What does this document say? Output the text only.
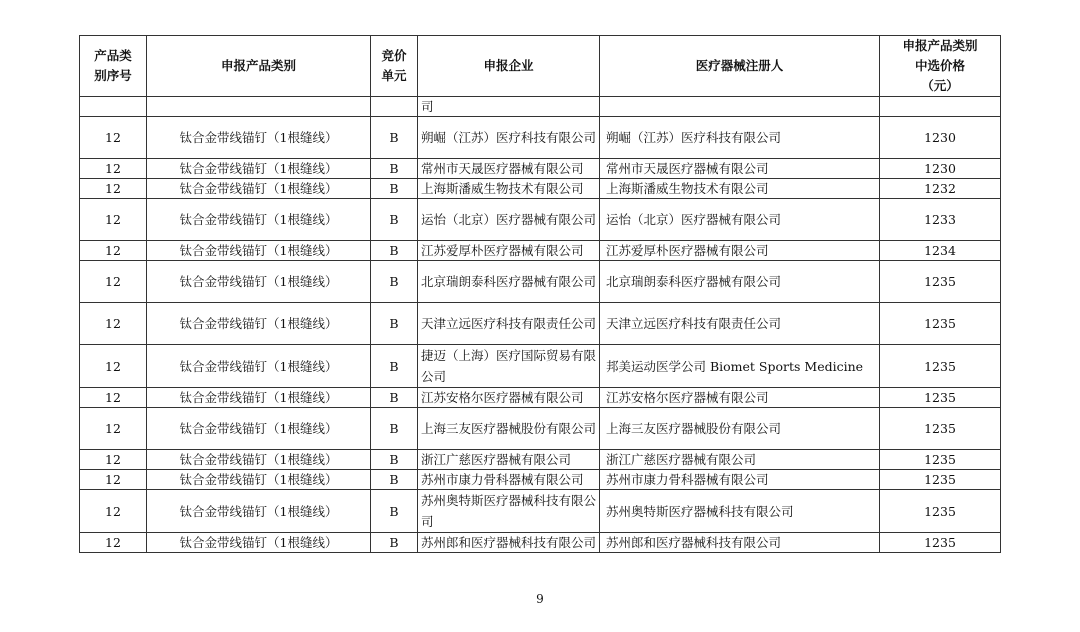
产品类别序号	申报产品类别	竞价单元	申报企业	医疗器械注册人	申报产品类别中选价格（元）

			司		
12	钛合金带线锚钉（1根缝线）	B	朔崛（江苏）医疗科技有限公司	朔崛（江苏）医疗科技有限公司	1230
12	钛合金带线锚钉（1根缝线）	B	常州市天晟医疗器械有限公司	常州市天晟医疗器械有限公司	1230
12	钛合金带线锚钉（1根缝线）	B	上海斯潘威生物技术有限公司	上海斯潘威生物技术有限公司	1232
12	钛合金带线锚钉（1根缝线）	B	运怡（北京）医疗器械有限公司	运怡（北京）医疗器械有限公司	1233
12	钛合金带线锚钉（1根缝线）	B	江苏爱厚朴医疗器械有限公司	江苏爱厚朴医疗器械有限公司	1234
12	钛合金带线锚钉（1根缝线）	B	北京瑞朗泰科医疗器械有限公司	北京瑞朗泰科医疗器械有限公司	1235
12	钛合金带线锚钉（1根缝线）	B	天津立远医疗科技有限责任公司	天津立远医疗科技有限责任公司	1235
12	钛合金带线锚钉（1根缝线）	B	捷迈（上海）医疗国际贸易有限公司	邦美运动医学公司 Biomet Sports Medicine	1235
12	钛合金带线锚钉（1根缝线）	B	江苏安格尔医疗器械有限公司	江苏安格尔医疗器械有限公司	1235
12	钛合金带线锚钉（1根缝线）	B	上海三友医疗器械股份有限公司	上海三友医疗器械股份有限公司	1235
12	钛合金带线锚钉（1根缝线）	B	浙江广慈医疗器械有限公司	浙江广慈医疗器械有限公司	1235
12	钛合金带线锚钉（1根缝线）	B	苏州市康力骨科器械有限公司	苏州市康力骨科器械有限公司	1235
12	钛合金带线锚钉（1根缝线）	B	苏州奥特斯医疗器械科技有限公司	苏州奥特斯医疗器械科技有限公司	1235
12	钛合金带线锚钉（1根缝线）	B	苏州郎和医疗器械科技有限公司	苏州郎和医疗器械科技有限公司	1235
9
